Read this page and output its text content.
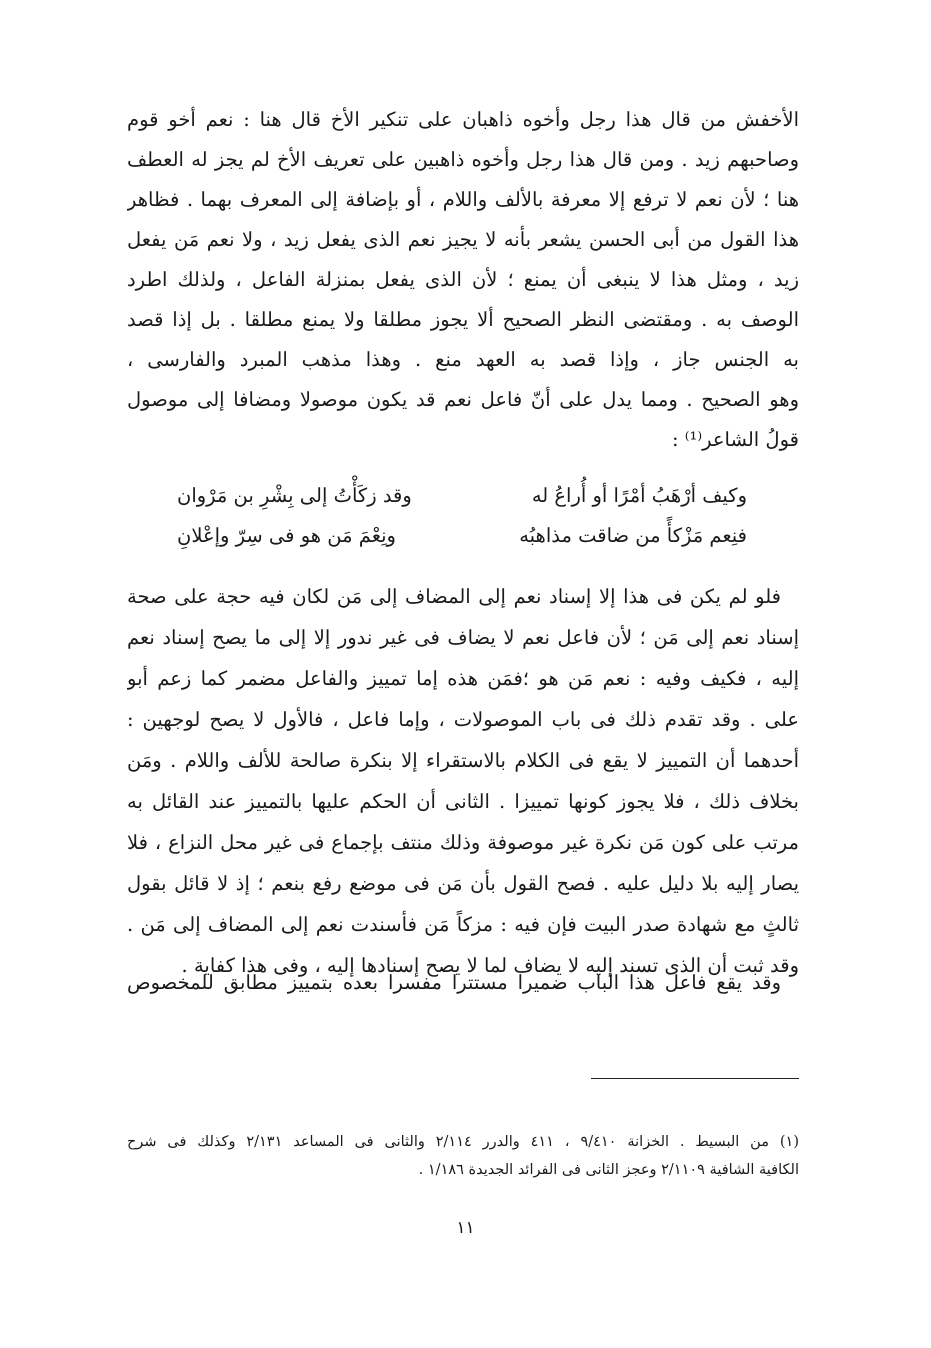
الأخفش من قال هذا رجل وأخوه ذاهبان على تنكير الأخ قال هنا : نعم أخو قوم
وصاحبهم زيد . ومن قال هذا رجل وأخوه ذاهبين على تعريف الأخ لم يجز له العطف
هنا ؛ لأن نعم لا ترفع إلا معرفة بالألف واللام ، أو بإضافة إلى المعرف بهما . فظاهر
هذا القول من أبى الحسن يشعر بأنه لا يجيز نعم الذى يفعل زيد ، ولا نعم مَن يفعل
زيد ، ومثل هذا لا ينبغى أن يمنع ؛ لأن الذى يفعل بمنزلة الفاعل ، ولذلك اطرد
الوصف به . ومقتضى النظر الصحيح ألا يجوز مطلقا ولا يمنع مطلقا . بل إذا قصد
به الجنس جاز ، وإذا قصد به العهد منع . وهذا مذهب المبرد والفارسى ،
وهو الصحيح . ومما يدل على أنّ فاعل نعم قد يكون موصولا ومضافا إلى موصول
قولُ الشاعر⁽¹⁾ :
وكيف أرْهَبُ أمْرًا أو أُراعُ له
وقد زكَأْتُ إلى بِشْرِ بن مَرْوان
فنِعم مَزْكأً من ضاقت مذاهبُه
ونِعْمَ مَن هو فى سِرّ وإعْلانِ
فلو لم يكن فى هذا إلا إسناد نعم إلى المضاف إلى مَن لكان فيه حجة على صحة
إسناد نعم إلى مَن ؛ لأن فاعل نعم لا يضاف فى غير ندور إلا إلى ما يصح إسناد نعم
إليه ، فكيف وفيه : نعم مَن هو ؛فمَن هذه إما تمييز والفاعل مضمر كما زعم أبو
على . وقد تقدم ذلك فى باب الموصولات ، وإما فاعل ، فالأول لا يصح لوجهين :
أحدهما أن التمييز لا يقع فى الكلام بالاستقراء إلا بنكرة صالحة للألف واللام . ومَن
بخلاف ذلك ، فلا يجوز كونها تمييزا . الثانى أن الحكم عليها بالتمييز عند القائل به
مرتب على كون مَن نكرة غير موصوفة وذلك منتف بإجماع فى غير محل النزاع ، فلا
يصار إليه بلا دليل عليه . فصح القول بأن مَن فى موضع رفع بنعم ؛ إذ لا قائل بقول
ثالثٍ مع شهادة صدر البيت فإن فيه : مزكاً مَن فأسندت نعم إلى المضاف إلى مَن .
وقد ثبت أن الذى تسند إليه لا يضاف لما لا يصح إسنادها إليه ، وفى هذا كفاية .
وقد يقع فاعل هذا الباب ضميرا مستترا مفسرا بعده بتمييز مطابق للمخصوص
(١) من البسيط . الخزانة ٩/٤١٠ ، ٤١١ والدرر ٢/١١٤ والثانى فى المساعد ٢/١٣١ وكذلك فى شرح
الكافية الشافية ٢/١١٠٩ وعجز الثانى فى الفرائد الجديدة ١/١٨٦ .
١١
